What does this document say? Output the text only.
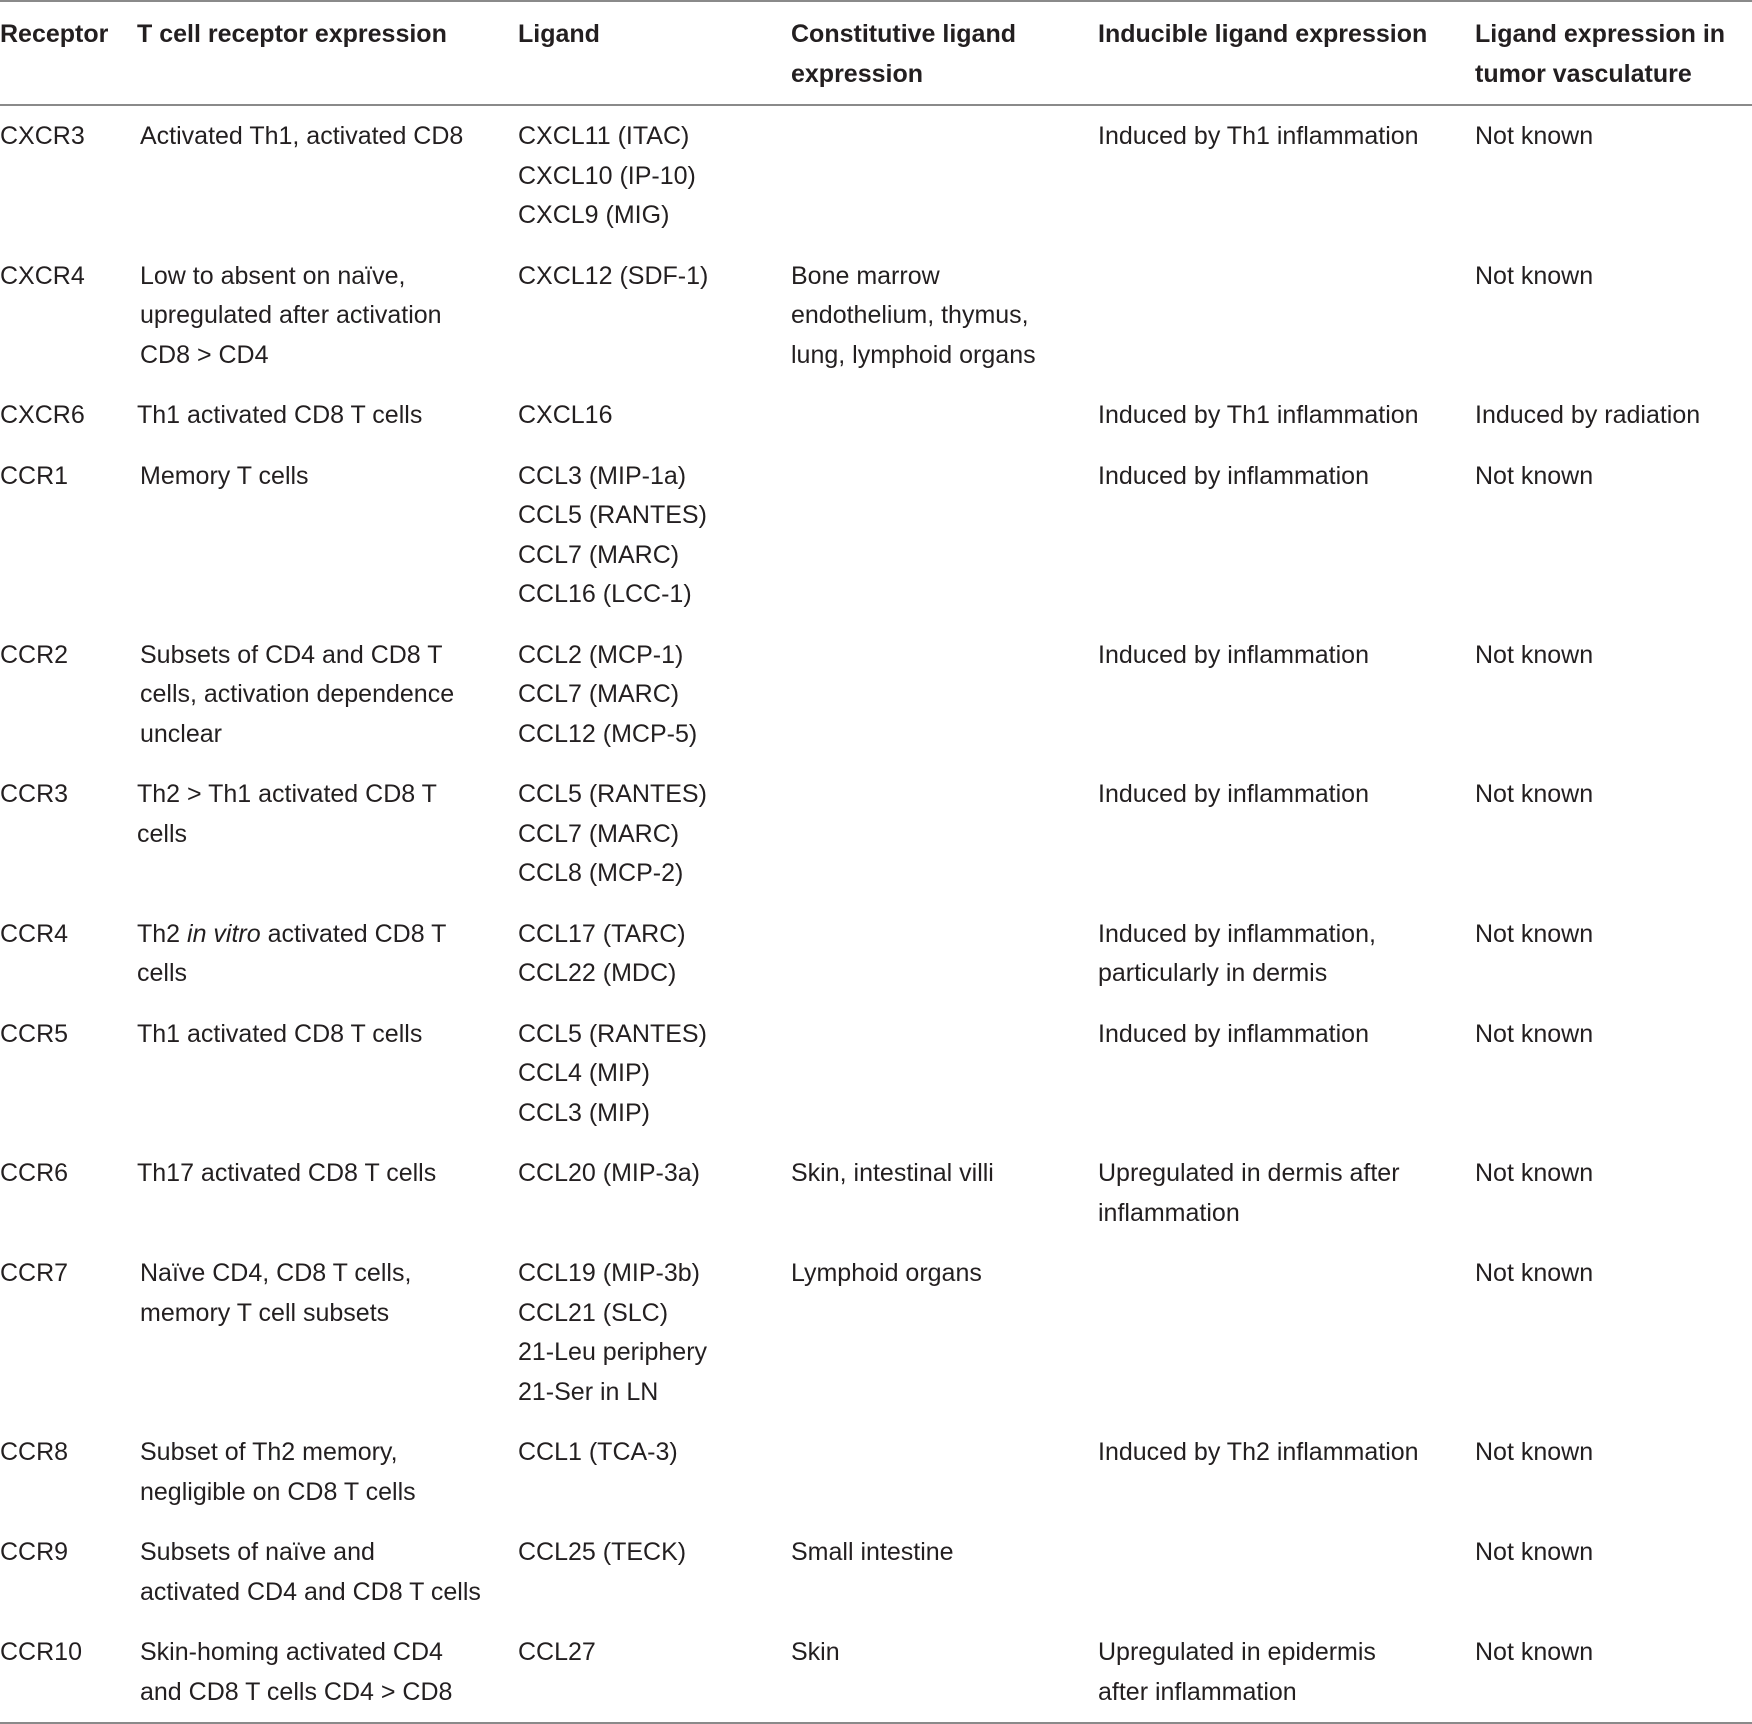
Receptor	T cell receptor expression	Ligand	Constitutive ligand
expression	Inducible ligand expression	Ligand expression in
tumor vasculature

CXCR3	Activated Th1, activated CD8	CXCL11 (ITAC)
CXCL10 (IP-10)
CXCL9 (MIG)		Induced by Th1 inflammation	Not known

CXCR4	Low to absent on naïve,
upregulated after activation
CD8 > CD4	CXCL12 (SDF-1)	Bone marrow
endothelium, thymus,
lung, lymphoid organs		Not known

CXCR6	Th1 activated CD8 T cells	CXCL16		Induced by Th1 inflammation	Induced by radiation

CCR1	Memory T cells	CCL3 (MIP-1a)
CCL5 (RANTES)
CCL7 (MARC)
CCL16 (LCC-1)		Induced by inflammation	Not known

CCR2	Subsets of CD4 and CD8 T
cells, activation dependence
unclear	CCL2 (MCP-1)
CCL7 (MARC)
CCL12 (MCP-5)		Induced by inflammation	Not known

CCR3	Th2 > Th1 activated CD8 T
cells	CCL5 (RANTES)
CCL7 (MARC)
CCL8 (MCP-2)		Induced by inflammation	Not known

CCR4	Th2 in vitro activated CD8 T
cells	CCL17 (TARC)
CCL22 (MDC)		Induced by inflammation,
particularly in dermis	Not known

CCR5	Th1 activated CD8 T cells	CCL5 (RANTES)
CCL4 (MIP)
CCL3 (MIP)		Induced by inflammation	Not known

CCR6	Th17 activated CD8 T cells	CCL20 (MIP-3a)	Skin, intestinal villi	Upregulated in dermis after
inflammation	Not known

CCR7	Naïve CD4, CD8 T cells,
memory T cell subsets	CCL19 (MIP-3b)
CCL21 (SLC)
21-Leu periphery
21-Ser in LN	Lymphoid organs		Not known

CCR8	Subset of Th2 memory,
negligible on CD8 T cells	CCL1 (TCA-3)		Induced by Th2 inflammation	Not known

CCR9	Subsets of naïve and
activated CD4 and CD8 T cells	CCL25 (TECK)	Small intestine		Not known

CCR10	Skin-homing activated CD4
and CD8 T cells CD4 > CD8	CCL27	Skin	Upregulated in epidermis
after inflammation	Not known
